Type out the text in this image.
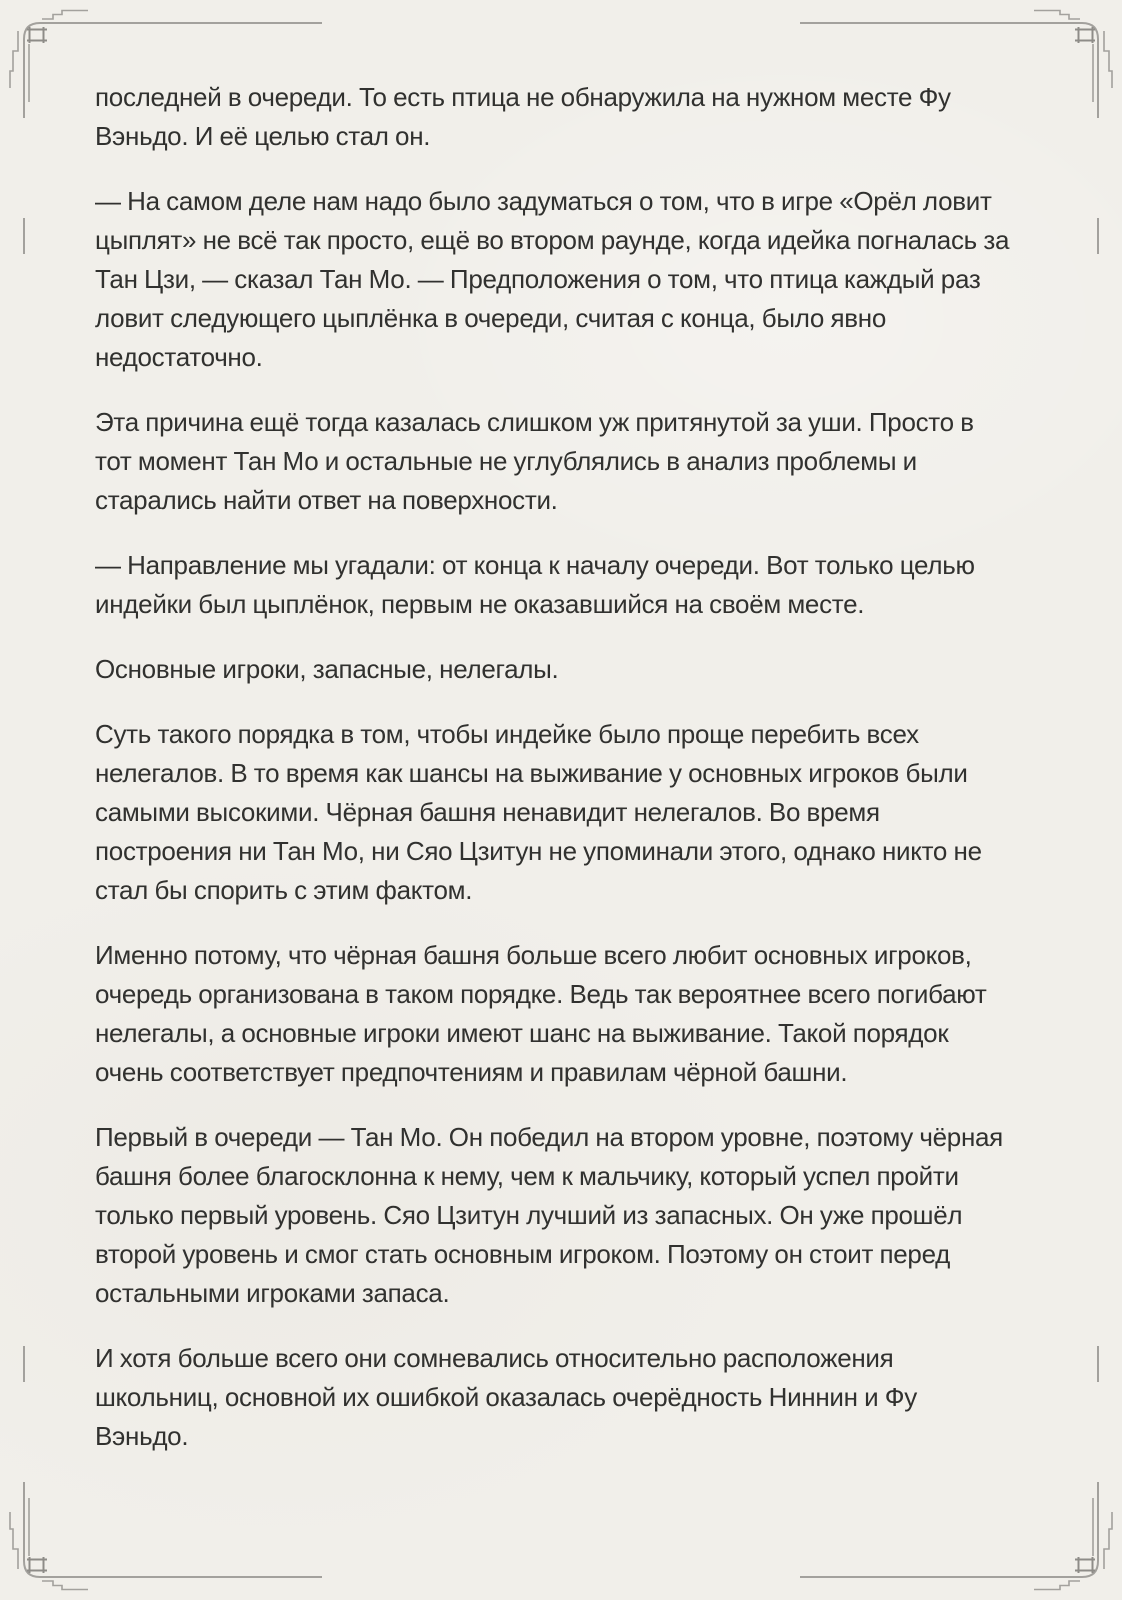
последней в очереди. То есть птица не обнаружила на нужном месте Фу Вэньдо. И её целью стал он.

— На самом деле нам надо было задуматься о том, что в игре «Орёл ловит цыплят» не всё так просто, ещё во втором раунде, когда идейка погналась за Тан Цзи, — сказал Тан Мо. — Предположения о том, что птица каждый раз ловит следующего цыплёнка в очереди, считая с конца, было явно недостаточно.

Эта причина ещё тогда казалась слишком уж притянутой за уши. Просто в тот момент Тан Мо и остальные не углублялись в анализ проблемы и старались найти ответ на поверхности.

— Направление мы угадали: от конца к началу очереди. Вот только целью индейки был цыплёнок, первым не оказавшийся на своём месте.

Основные игроки, запасные, нелегалы.

Суть такого порядка в том, чтобы индейке было проще перебить всех нелегалов. В то время как шансы на выживание у основных игроков были самыми высокими. Чёрная башня ненавидит нелегалов. Во время построения ни Тан Мо, ни Сяо Цзитун не упоминали этого, однако никто не стал бы спорить с этим фактом.

Именно потому, что чёрная башня больше всего любит основных игроков, очередь организована в таком порядке. Ведь так вероятнее всего погибают нелегалы, а основные игроки имеют шанс на выживание. Такой порядок очень соответствует предпочтениям и правилам чёрной башни.

Первый в очереди — Тан Мо. Он победил на втором уровне, поэтому чёрная башня более благосклонна к нему, чем к мальчику, который успел пройти только первый уровень. Сяо Цзитун лучший из запасных. Он уже прошёл второй уровень и смог стать основным игроком. Поэтому он стоит перед остальными игроками запаса.

И хотя больше всего они сомневались относительно расположения школьниц, основной их ошибкой оказалась очерёдность Ниннин и Фу Вэньдо.
